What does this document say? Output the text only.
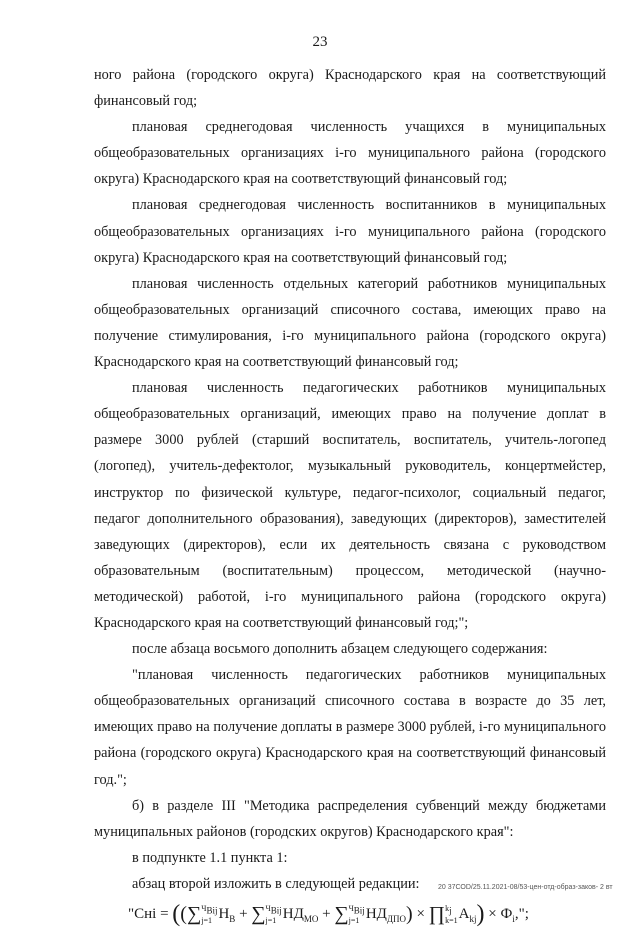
23

ного района (городского округа) Краснодарского края на соответствующий финансовый год;

плановая среднегодовая численность учащихся в муниципальных общеобразовательных организациях i-го муниципального района (городского округа) Краснодарского края на соответствующий финансовый год;

плановая среднегодовая численность воспитанников в муниципальных общеобразовательных организациях i-го муниципального района (городского округа) Краснодарского края на соответствующий финансовый год;

плановая численность отдельных категорий работников муниципальных общеобразовательных организаций списочного состава, имеющих право на получение стимулирования, i-го муниципального района (городского округа) Краснодарского края на соответствующий финансовый год;

плановая численность педагогических работников муниципальных общеобразовательных организаций, имеющих право на получение доплат в размере 3000 рублей (старший воспитатель, воспитатель, учитель-логопед (логопед), учитель-дефектолог, музыкальный руководитель, концертмейстер, инструктор по физической культуре, педагог-психолог, социальный педагог, педагог дополнительного образования), заведующих (директоров), заместителей заведующих (директоров), если их деятельность связана с руководством образовательным (воспитательным) процессом, методической (научно-методической) работой, i-го муниципального района (городского округа) Краснодарского края на соответствующий финансовый год;";

после абзаца восьмого дополнить абзацем следующего содержания:

"плановая численность педагогических работников муниципальных общеобразовательных организаций списочного состава в возрасте до 35 лет, имеющих право на получение доплаты в размере 3000 рублей, i-го муниципального района (городского округа) Краснодарского края на соответствующий финансовый год.";

б) в разделе III "Методика распределения субвенций между бюджетами муниципальных районов (городских округов) Краснодарского края":

в подпункте 1.1 пункта 1:

абзац второй изложить в следующей редакции:

"Cнi = ((∑ $Ч_{Вij}$
j=1 $Н_В$ + ∑ $Ч_{Вij}$
j=1 $НД_{МО}$ + ∑ $Ч_{Вij}$
j=1 $НД_{ДПО}$) × ∏ $k_j$
k=1 $А_{kj}) \times Ф_i$,";
20 37СОD/25.11.2021-08/53-цен-отд-образ-заков- 2 вт
